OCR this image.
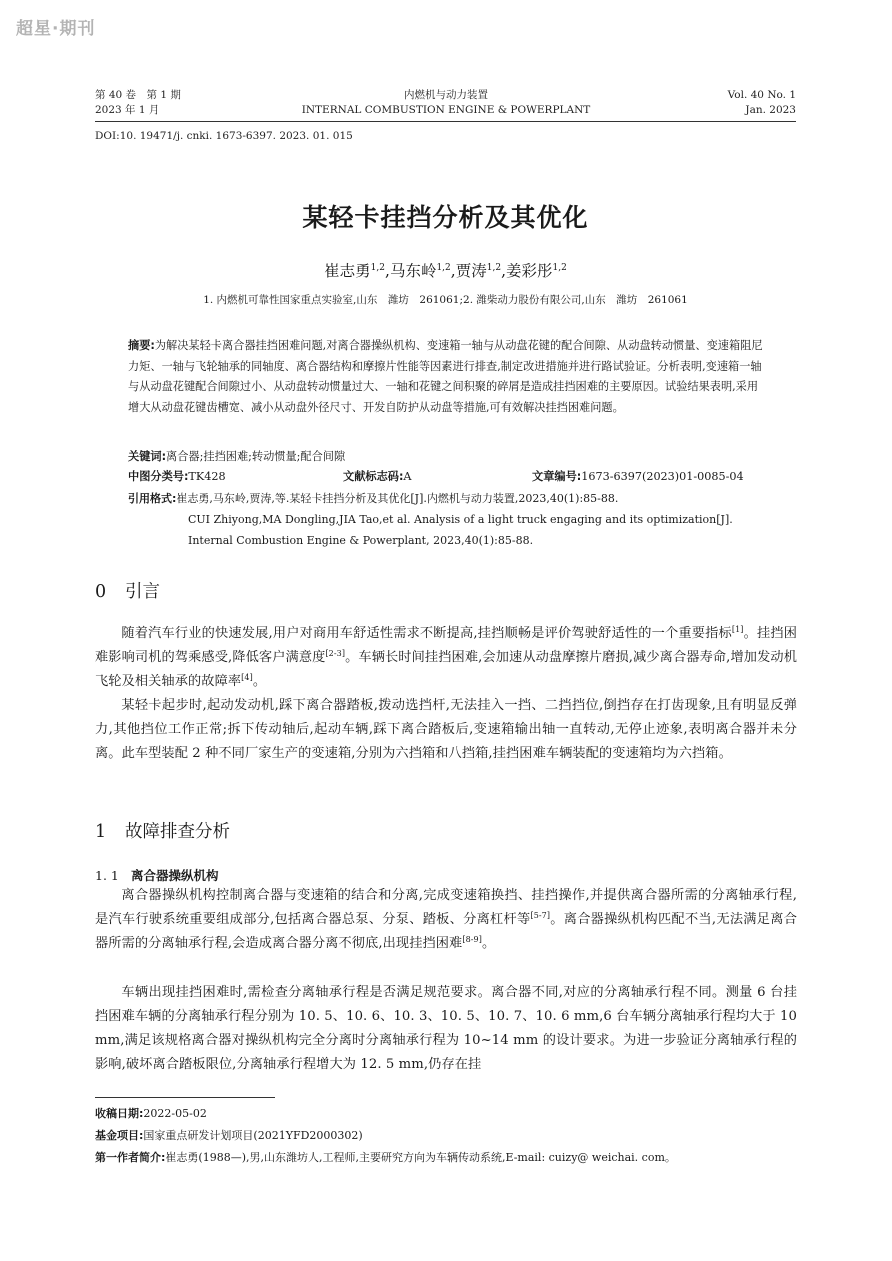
超星·期刊
第 40 卷　第 1 期
2023 年 1 月
内燃机与动力装置
INTERNAL COMBUSTION ENGINE & POWERPLANT
Vol. 40 No. 1
Jan. 2023
DOI:10. 19471/j. cnki. 1673-6397. 2023. 01. 015
某轻卡挂挡分析及其优化
崔志勇$^{1,2}$,马东岭$^{1,2}$,贾涛$^{1,2}$,姜彩彤$^{1,2}$
1. 内燃机可靠性国家重点实验室,山东　潍坊　261061;2. 潍柴动力股份有限公司,山东　潍坊　261061
摘要:为解决某轻卡离合器挂挡困难问题,对离合器操纵机构、变速箱一轴与从动盘花键的配合间隙、从动盘转动惯量、变速箱阻尼力矩、一轴与飞轮轴承的同轴度、离合器结构和摩擦片性能等因素进行排查,制定改进措施并进行路试验证。分析表明,变速箱一轴与从动盘花键配合间隙过小、从动盘转动惯量过大、一轴和花键之间积聚的碎屑是造成挂挡困难的主要原因。试验结果表明,采用增大从动盘花键齿槽宽、减小从动盘外径尺寸、开发自防护从动盘等措施,可有效解决挂挡困难问题。
关键词:离合器;挂挡困难;转动惯量;配合间隙
中图分类号:TK428	文献标志码:A	文章编号:1673-6397(2023)01-0085-04
引用格式:崔志勇,马东岭,贾涛,等.某轻卡挂挡分析及其优化[J].内燃机与动力装置,2023,40(1):85-88.
CUI Zhiyong,MA Dongling,JIA Tao,et al. Analysis of a light truck engaging and its optimization[J].
Internal Combustion Engine & Powerplant, 2023,40(1):85-88.
0 引言
随着汽车行业的快速发展,用户对商用车舒适性需求不断提高,挂挡顺畅是评价驾驶舒适性的一个重要指标[1]。挂挡困难影响司机的驾乘感受,降低客户满意度[2-3]。车辆长时间挂挡困难,会加速从动盘摩擦片磨损,减少离合器寿命,增加发动机飞轮及相关轴承的故障率[4]。
某轻卡起步时,起动发动机,踩下离合器踏板,拨动选挡杆,无法挂入一挡、二挡挡位,倒挡存在打齿现象,且有明显反弹力,其他挡位工作正常;拆下传动轴后,起动车辆,踩下离合踏板后,变速箱输出轴一直转动,无停止迹象,表明离合器并未分离。此车型装配 2 种不同厂家生产的变速箱,分别为六挡箱和八挡箱,挂挡困难车辆装配的变速箱均为六挡箱。
1 故障排查分析
1. 1 离合器操纵机构
离合器操纵机构控制离合器与变速箱的结合和分离,完成变速箱换挡、挂挡操作,并提供离合器所需的分离轴承行程,是汽车行驶系统重要组成部分,包括离合器总泵、分泵、踏板、分离杠杆等[5-7]。离合器操纵机构匹配不当,无法满足离合器所需的分离轴承行程,会造成离合器分离不彻底,出现挂挡困难[8-9]。
车辆出现挂挡困难时,需检查分离轴承行程是否满足规范要求。离合器不同,对应的分离轴承行程不同。测量 6 台挂挡困难车辆的分离轴承行程分别为 10. 5、10. 6、10. 3、10. 5、10. 7、10. 6 mm,6 台车辆分离轴承行程均大于 10 mm,满足该规格离合器对操纵机构完全分离时分离轴承行程为 10~14 mm 的设计要求。为进一步验证分离轴承行程的影响,破坏离合踏板限位,分离轴承行程增大为 12. 5 mm,仍存在挂
收稿日期:2022-05-02
基金项目:国家重点研发计划项目(2021YFD2000302)
第一作者简介:崔志勇(1988—),男,山东潍坊人,工程师,主要研究方向为车辆传动系统,E-mail: cuizy@ weichai. com。
